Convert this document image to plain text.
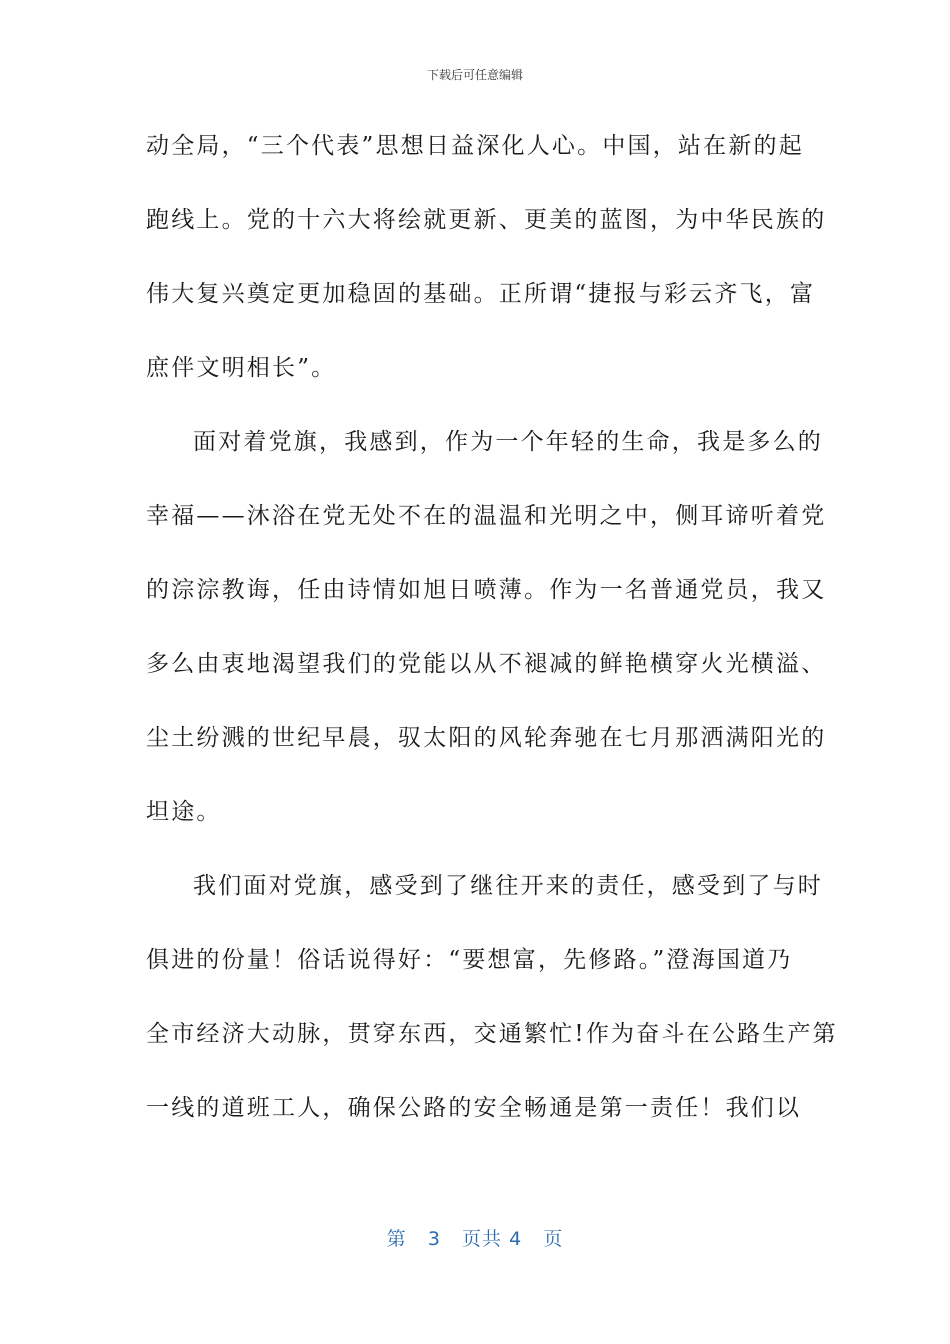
下载后可任意编辑
动全局，“三个代表”思想日益深化人心。中国，站在新的起
跑线上。党的十六大将绘就更新、更美的蓝图，为中华民族的
伟大复兴奠定更加稳固的基础。正所谓“捷报与彩云齐飞，富
庶伴文明相长”。
面对着党旗，我感到，作为一个年轻的生命，我是多么的
幸福——沐浴在党无处不在的温温和光明之中，侧耳谛听着党
的淙淙教诲，任由诗情如旭日喷薄。作为一名普通党员，我又
多么由衷地渴望我们的党能以从不褪减的鲜艳横穿火光横溢、
尘土纷溅的世纪早晨，驭太阳的风轮奔驰在七月那洒满阳光的
坦途。
我们面对党旗，感受到了继往开来的责任，感受到了与时
俱进的份量！俗话说得好：“要想富，先修路。”澄海国道乃
全市经济大动脉，贯穿东西，交通繁忙!作为奋斗在公路生产第
一线的道班工人，确保公路的安全畅通是第一责任！我们以
第 3 页共 4 页
